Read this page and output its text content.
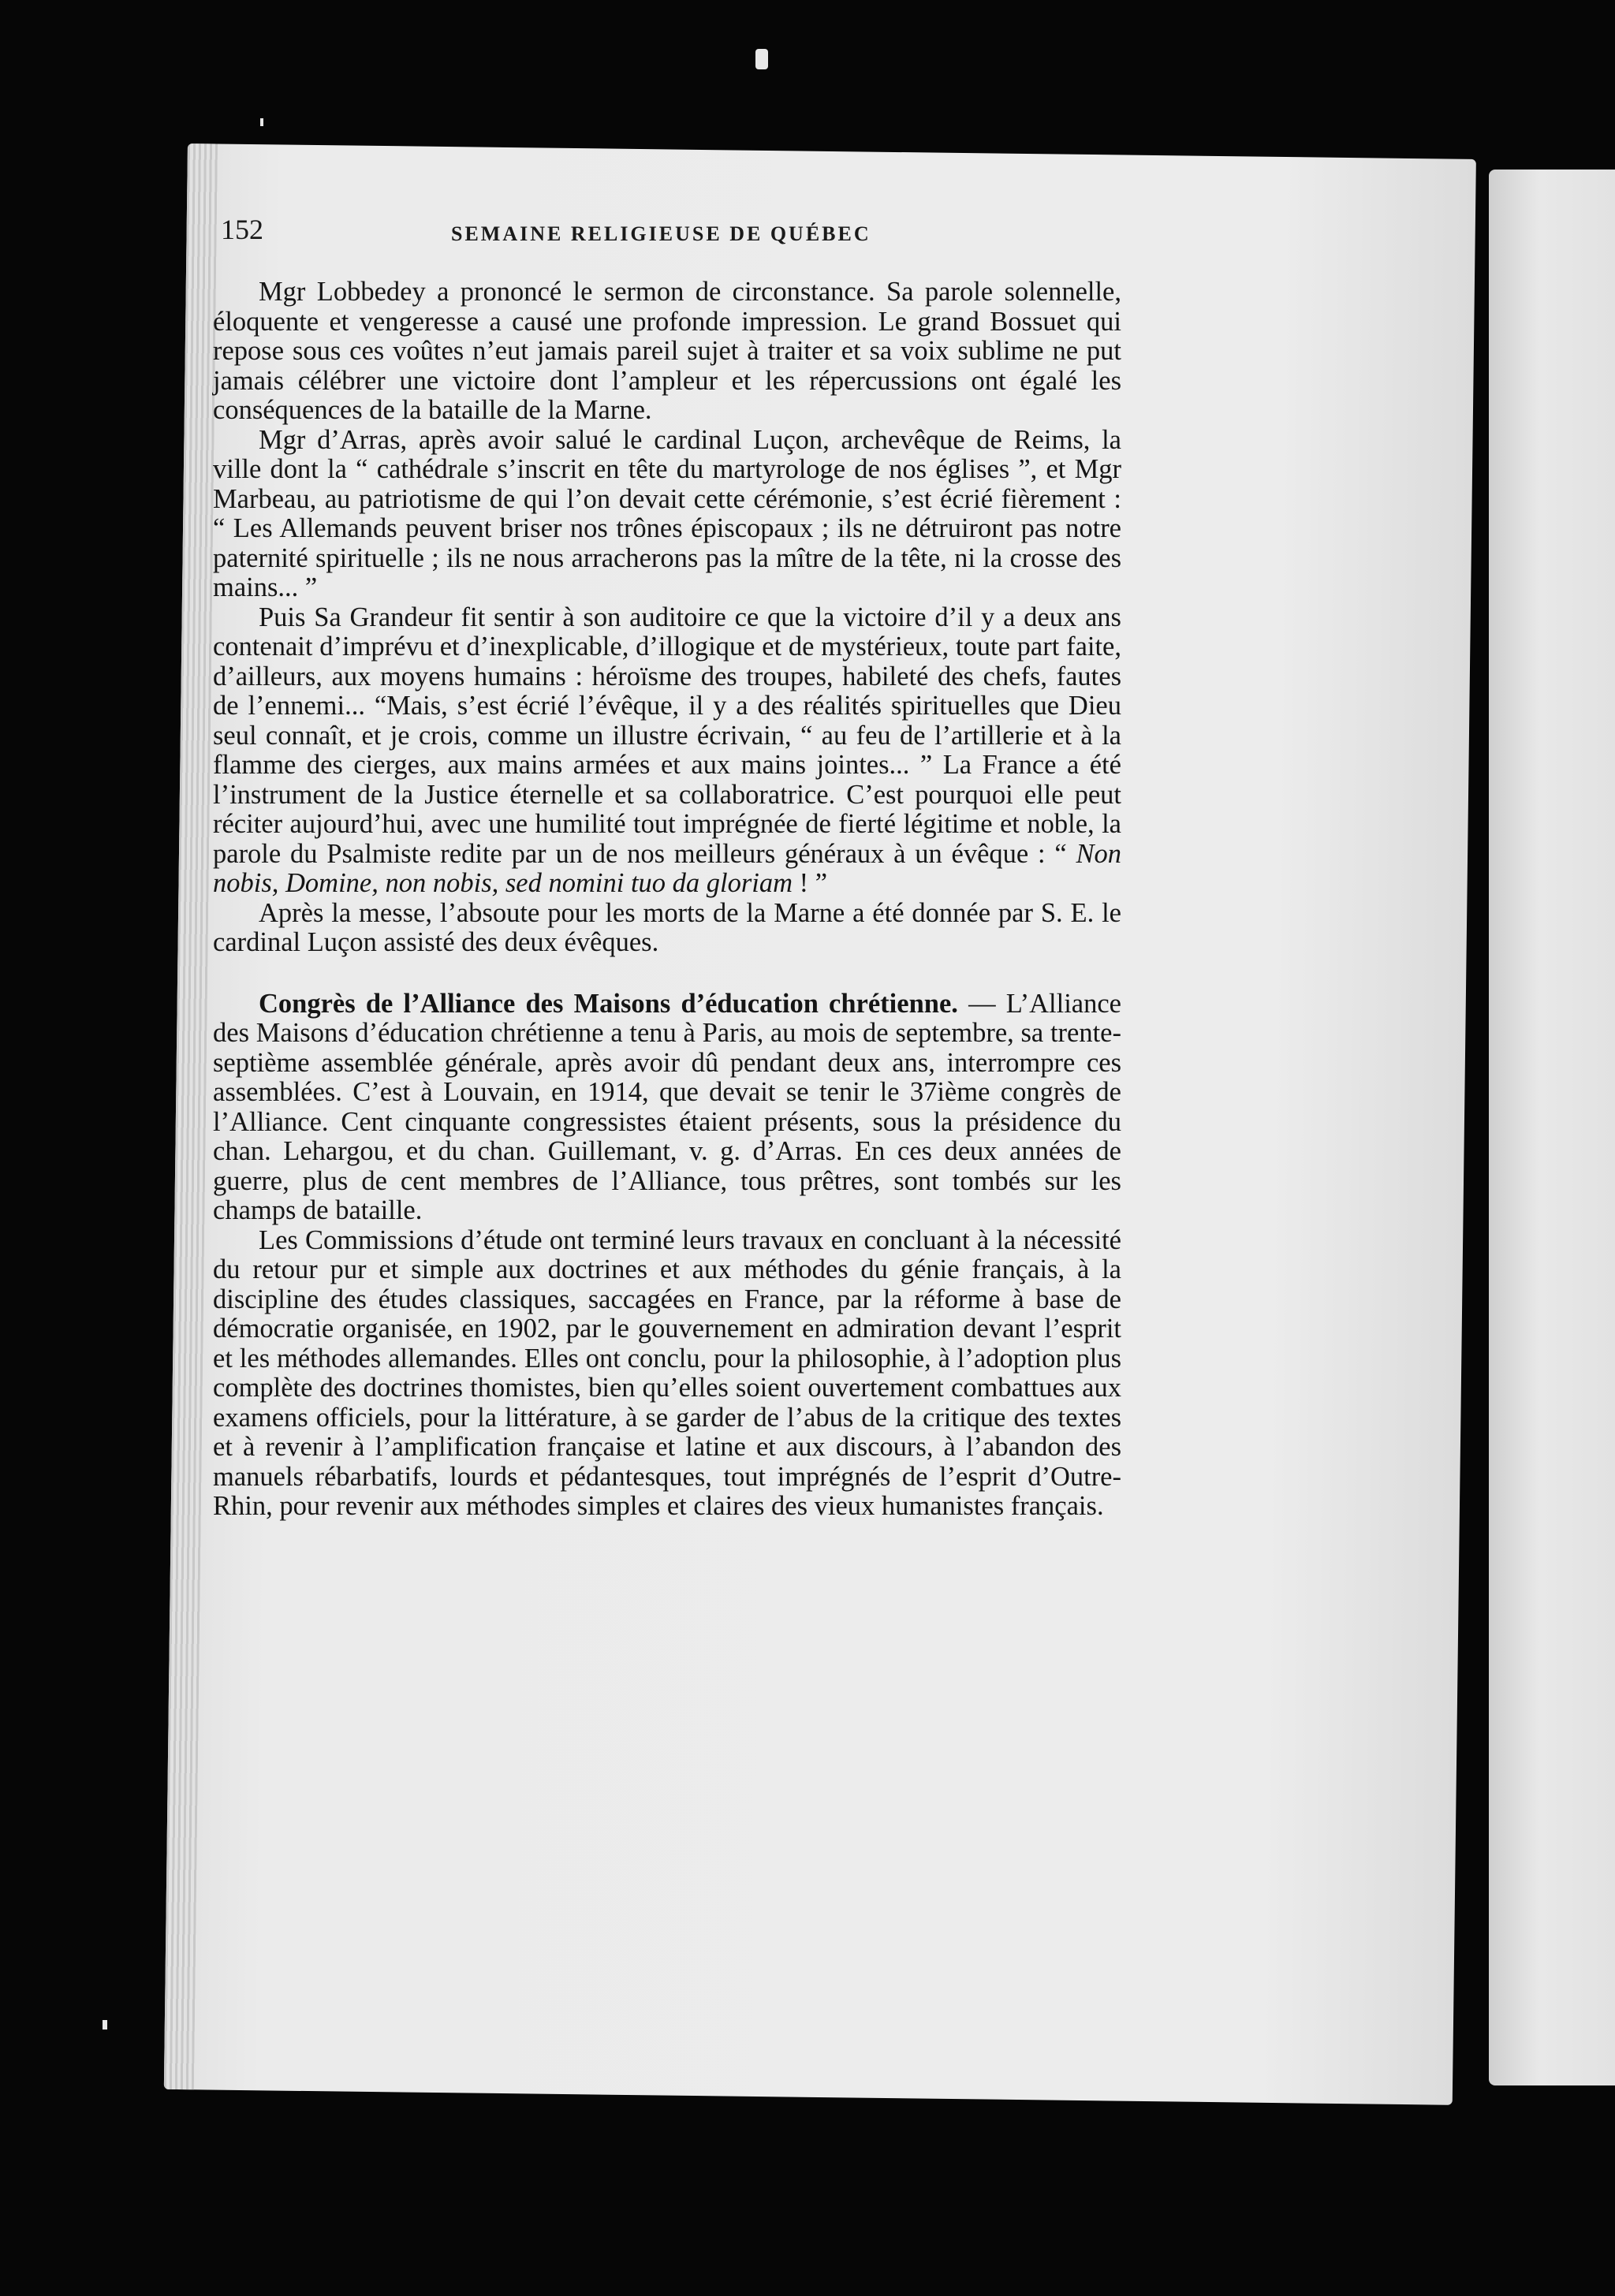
152	SEMAINE RELIGIEUSE DE QUÉBEC

Mgr Lobbedey a prononcé le sermon de circonstance. Sa parole solennelle, éloquente et vengeresse a causé une profonde impression. Le grand Bossuet qui repose sous ces voûtes n’eut jamais pareil sujet à traiter et sa voix sublime ne put jamais célébrer une victoire dont l’ampleur et les répercussions ont égalé les conséquences de la bataille de la Marne.

Mgr d’Arras, après avoir salué le cardinal Luçon, archevêque de Reims, la ville dont la “ cathédrale s’inscrit en tête du martyrologe de nos églises ”, et Mgr Marbeau, au patriotisme de qui l’on devait cette cérémonie, s’est écrié fièrement : “ Les Allemands peuvent briser nos trônes épiscopaux ; ils ne détruiront pas notre paternité spirituelle ; ils ne nous arracherons pas la mître de la tête, ni la crosse des mains... ”

Puis Sa Grandeur fit sentir à son auditoire ce que la victoire d’il y a deux ans contenait d’imprévu et d’inexplicable, d’illogique et de mystérieux, toute part faite, d’ailleurs, aux moyens humains : héroïsme des troupes, habileté des chefs, fautes de l’ennemi... “Mais, s’est écrié l’évêque, il y a des réalités spirituelles que Dieu seul connaît, et je crois, comme un illustre écrivain, “ au feu de l’artillerie et à la flamme des cierges, aux mains armées et aux mains jointes... ” La France a été l’instrument de la Justice éternelle et sa collaboratrice. C’est pourquoi elle peut réciter aujourd’hui, avec une humilité tout imprégnée de fierté légitime et noble, la parole du Psalmiste redite par un de nos meilleurs généraux à un évêque : “ Non nobis, Domine, non nobis, sed nomini tuo da gloriam ! ”

Après la messe, l’absoute pour les morts de la Marne a été donnée par S. E. le cardinal Luçon assisté des deux évêques.

Congrès de l’Alliance des Maisons d’éducation chrétienne. — L’Alliance des Maisons d’éducation chrétienne a tenu à Paris, au mois de septembre, sa trente-septième assemblée générale, après avoir dû pendant deux ans, interrompre ces assemblées. C’est à Louvain, en 1914, que devait se tenir le 37ième congrès de l’Alliance. Cent cinquante congressistes étaient présents, sous la présidence du chan. Lehargou, et du chan. Guillemant, v. g. d’Arras. En ces deux années de guerre, plus de cent membres de l’Alliance, tous prêtres, sont tombés sur les champs de bataille.

Les Commissions d’étude ont terminé leurs travaux en concluant à la nécessité du retour pur et simple aux doctrines et aux méthodes du génie français, à la discipline des études classiques, saccagées en France, par la réforme à base de démocratie organisée, en 1902, par le gouvernement en admiration devant l’esprit et les méthodes allemandes. Elles ont conclu, pour la philosophie, à l’adoption plus complète des doctrines thomistes, bien qu’elles soient ouvertement combattues aux examens officiels, pour la littérature, à se garder de l’abus de la critique des textes et à revenir à l’amplification française et latine et aux discours, à l’abandon des manuels rébarbatifs, lourds et pédantesques, tout imprégnés de l’esprit d’Outre-Rhin, pour revenir aux méthodes simples et claires des vieux humanistes français.
